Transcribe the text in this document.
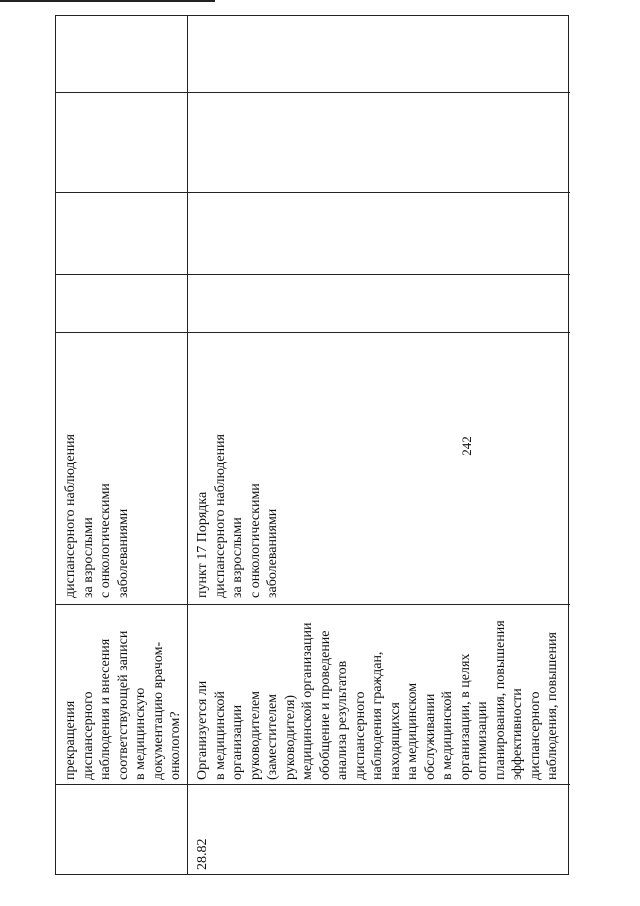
242
прекращения
диспансерного
наблюдения и внесения
соответствующей записи
в медицинскую
документацию врачом-
онкологом?
диспансерного наблюдения
за взрослыми
с онкологическими
заболеваниями
28.82
Организуется ли
в медицинской
организации
руководителем
(заместителем
руководителя)
медицинской организации
обобщение и проведение
анализа результатов
диспансерного
наблюдения граждан,
находящихся
на медицинском
обслуживании
в медицинской
организации, в целях
оптимизации
планирования, повышения
эффективности
диспансерного
наблюдения, повышения
пункт 17 Порядка
диспансерного наблюдения
за взрослыми
с онкологическими
заболеваниями
